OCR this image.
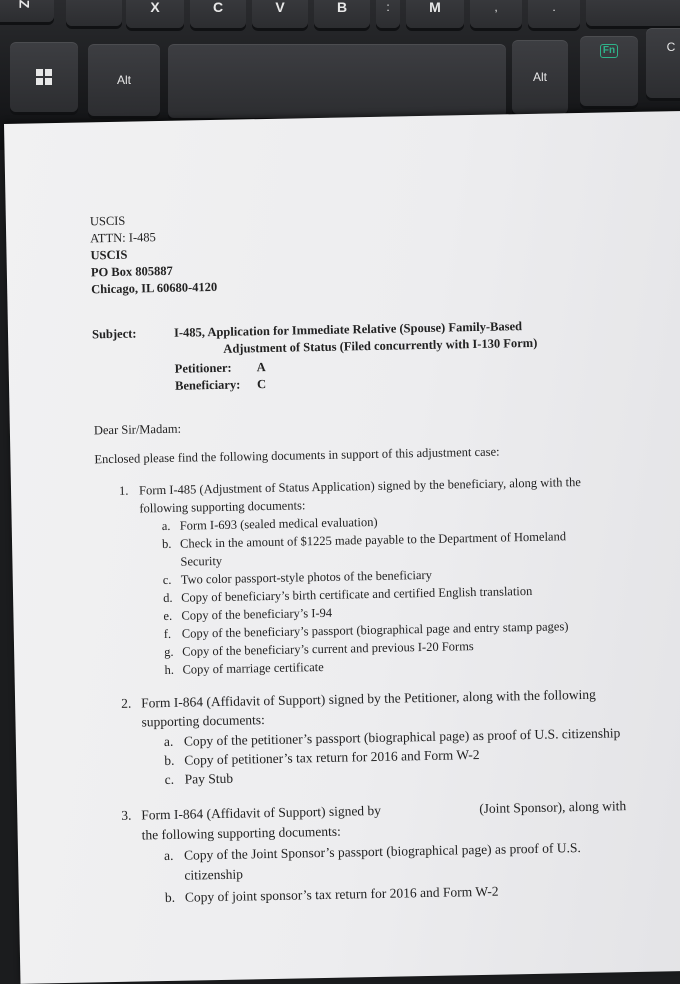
Z	X	C	V	B	:	M	,	.
Alt	Alt
Fn	C
USCIS
ATTN: I-485
USCIS
PO Box 805887
Chicago, IL 60680-4120
Subject:	I-485, Application for Immediate Relative (Spouse) Family-Based
Adjustment of Status (Filed concurrently with I-130 Form)
Petitioner: A
Beneficiary: C
Dear Sir/Madam:
Enclosed please find the following documents in support of this adjustment case:
1. Form I-485 (Adjustment of Status Application) signed by the beneficiary, along with the
following supporting documents:
a. Form I-693 (sealed medical evaluation)
b. Check in the amount of $1225 made payable to the Department of Homeland
Security
c. Two color passport-style photos of the beneficiary
d. Copy of beneficiary’s birth certificate and certified English translation
e. Copy of the beneficiary’s I-94
f. Copy of the beneficiary’s passport (biographical page and entry stamp pages)
g. Copy of the beneficiary’s current and previous I-20 Forms
h. Copy of marriage certificate
2. Form I-864 (Affidavit of Support) signed by the Petitioner, along with the following
supporting documents:
a. Copy of the petitioner’s passport (biographical page) as proof of U.S. citizenship
b. Copy of petitioner’s tax return for 2016 and Form W-2
c. Pay Stub
3. Form I-864 (Affidavit of Support) signed by	(Joint Sponsor), along with
the following supporting documents:
a. Copy of the Joint Sponsor’s passport (biographical page) as proof of U.S.
citizenship
b. Copy of joint sponsor’s tax return for 2016 and Form W-2
